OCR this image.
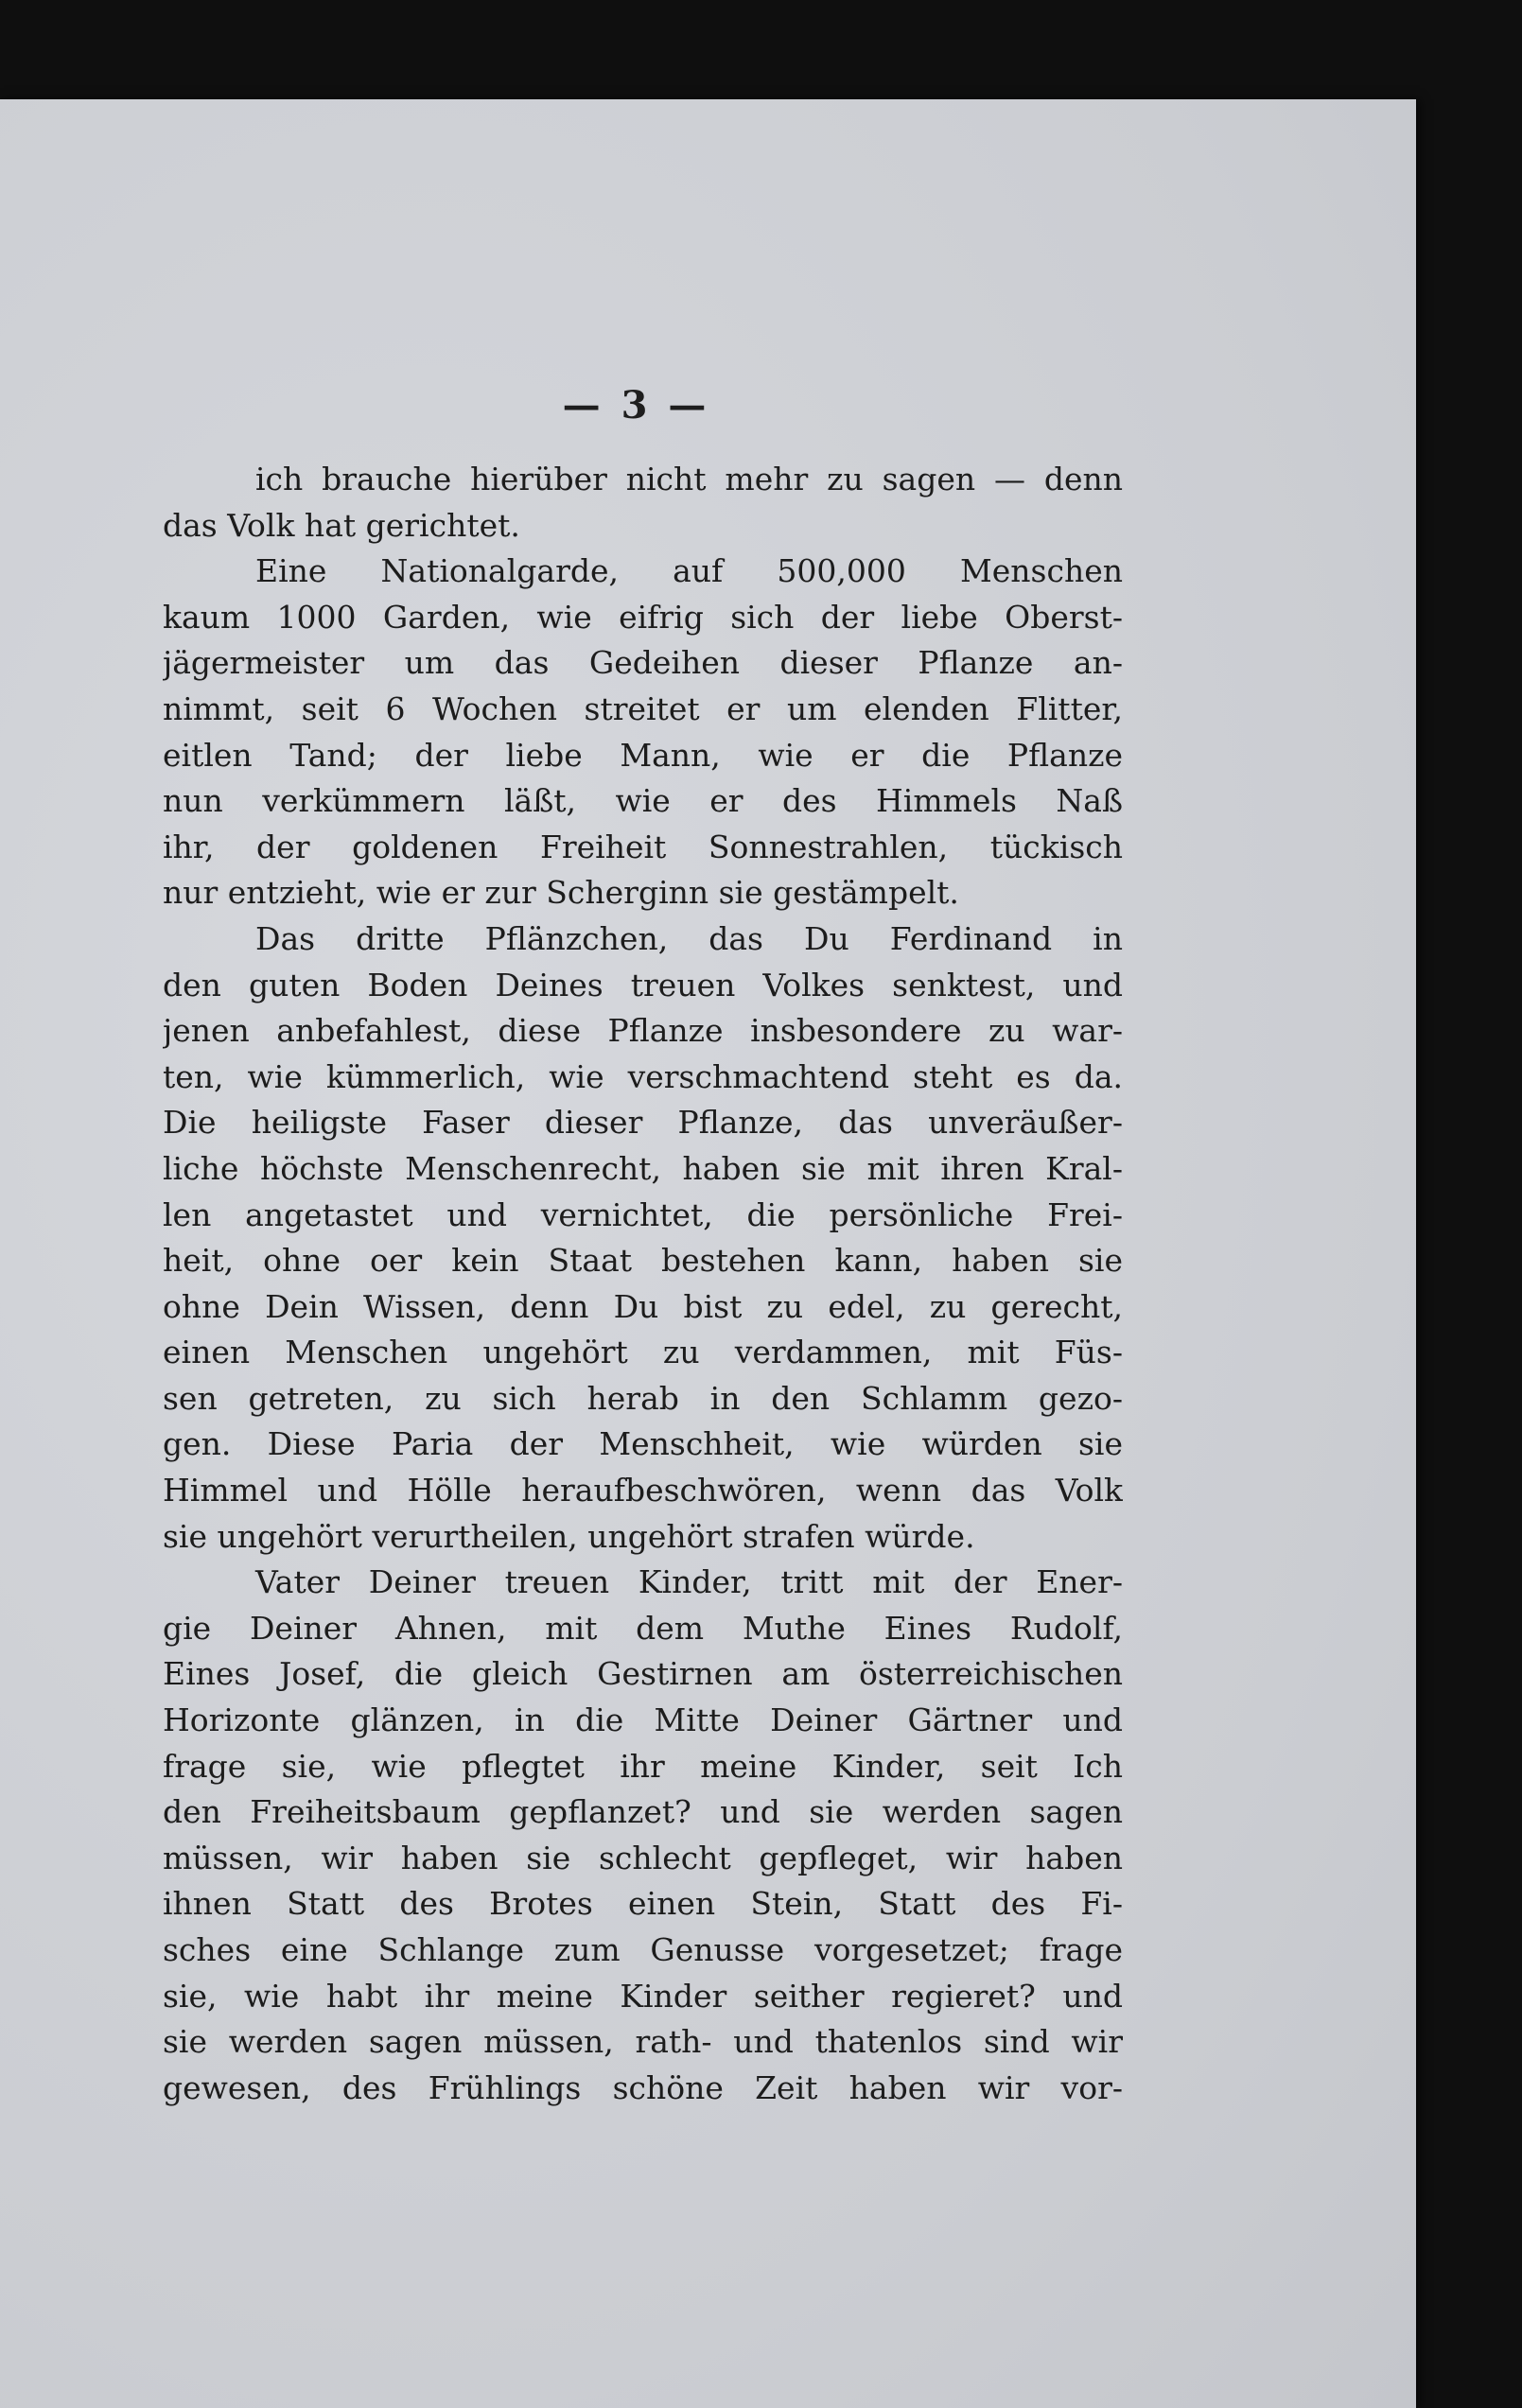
— 3 —
ich brauche hierüber nicht mehr zu sagen — denn
das Volk hat gerichtet.
Eine Nationalgarde, auf 500,000 Menschen
kaum 1000 Garden, wie eifrig sich der liebe Oberst-
jägermeister um das Gedeihen dieser Pflanze an-
nimmt, seit 6 Wochen streitet er um elenden Flitter,
eitlen Tand; der liebe Mann, wie er die Pflanze
nun verkümmern läßt, wie er des Himmels Naß
ihr, der goldenen Freiheit Sonnestrahlen, tückisch
nur entzieht, wie er zur Scherginn sie gestämpelt.
Das dritte Pflänzchen, das Du Ferdinand in
den guten Boden Deines treuen Volkes senktest, und
jenen anbefahlest, diese Pflanze insbesondere zu war-
ten, wie kümmerlich, wie verschmachtend steht es da.
Die heiligste Faser dieser Pflanze, das unveräußer-
liche höchste Menschenrecht, haben sie mit ihren Kral-
len angetastet und vernichtet, die persönliche Frei-
heit, ohne oer kein Staat bestehen kann, haben sie
ohne Dein Wissen, denn Du bist zu edel, zu gerecht,
einen Menschen ungehört zu verdammen, mit Füs-
sen getreten, zu sich herab in den Schlamm gezo-
gen. Diese Paria der Menschheit, wie würden sie
Himmel und Hölle heraufbeschwören, wenn das Volk
sie ungehört verurtheilen, ungehört strafen würde.
Vater Deiner treuen Kinder, tritt mit der Ener-
gie Deiner Ahnen, mit dem Muthe Eines Rudolf,
Eines Josef, die gleich Gestirnen am österreichischen
Horizonte glänzen, in die Mitte Deiner Gärtner und
frage sie, wie pflegtet ihr meine Kinder, seit Ich
den Freiheitsbaum gepflanzet? und sie werden sagen
müssen, wir haben sie schlecht gepfleget, wir haben
ihnen Statt des Brotes einen Stein, Statt des Fi-
sches eine Schlange zum Genusse vorgesetzet; frage
sie, wie habt ihr meine Kinder seither regieret? und
sie werden sagen müssen, rath- und thatenlos sind wir
gewesen, des Frühlings schöne Zeit haben wir vor-
